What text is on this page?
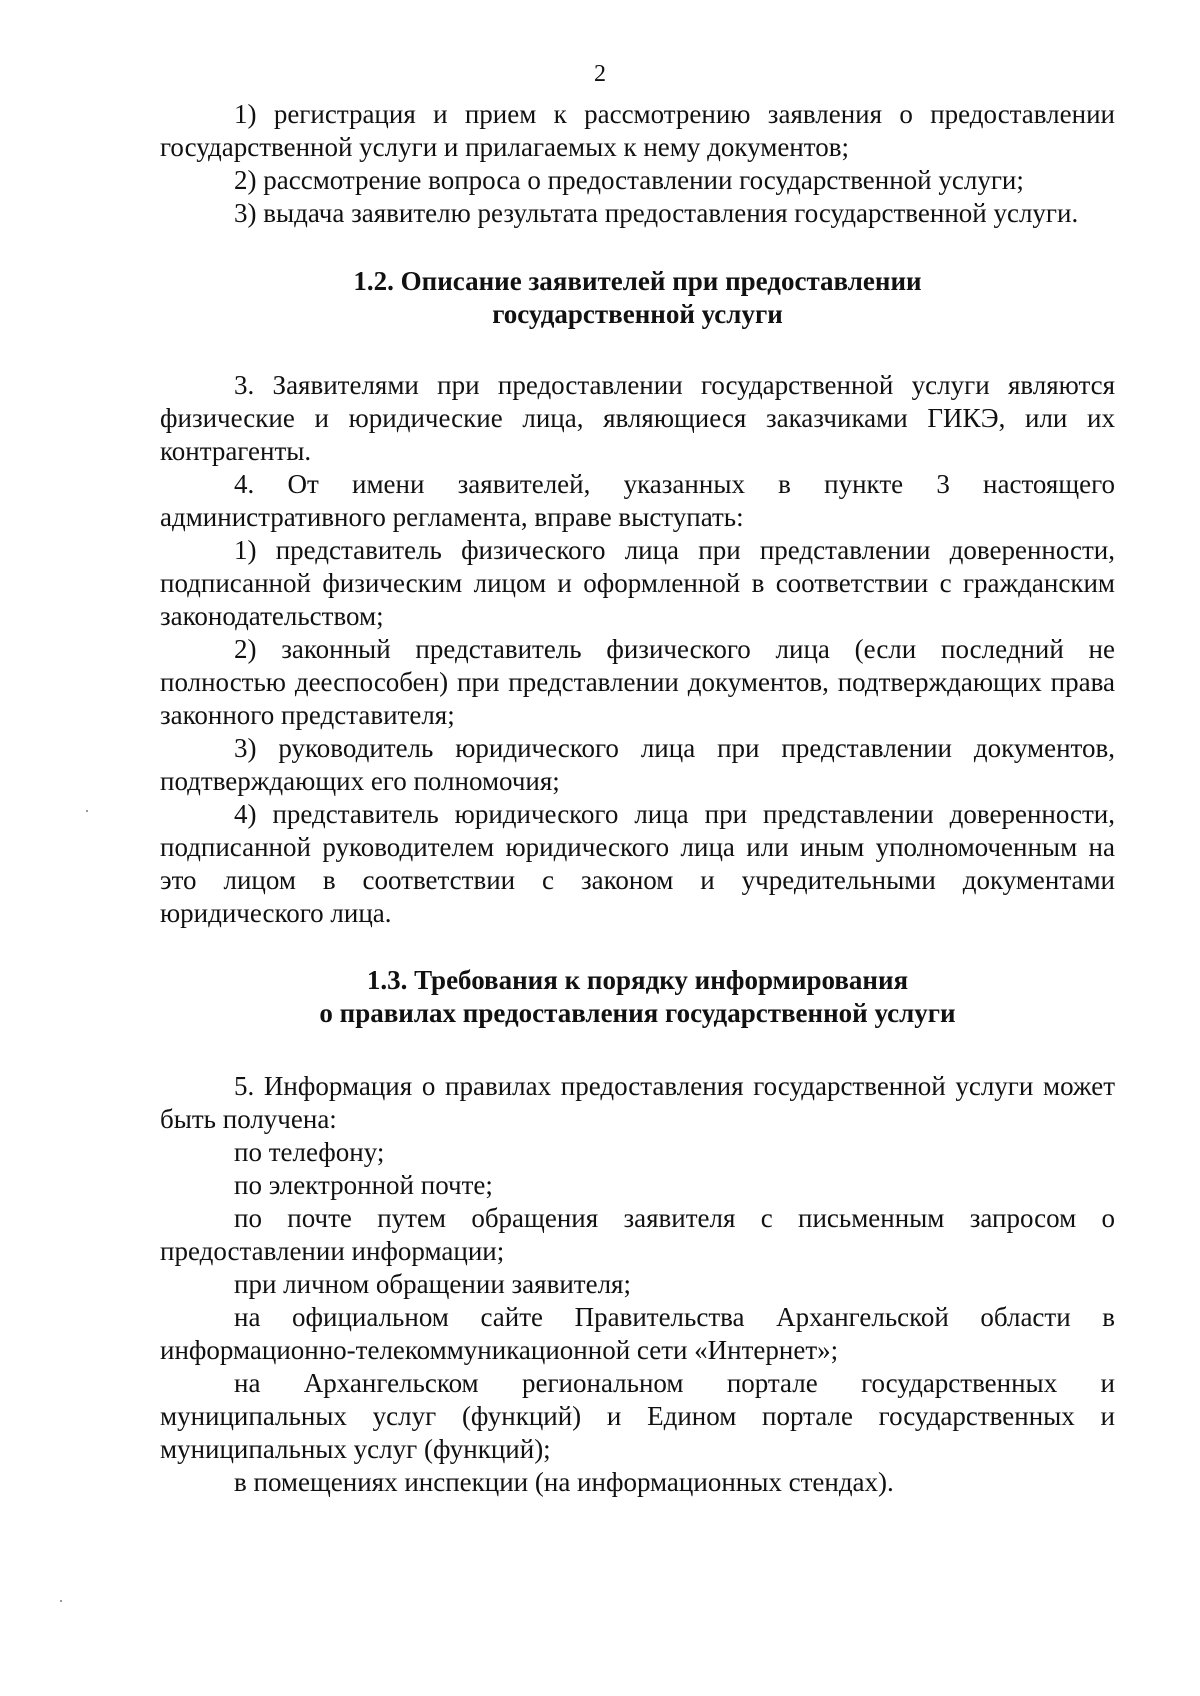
2

1) регистрация и прием к рассмотрению заявления о предоставлении государственной услуги и прилагаемых к нему документов;

2) рассмотрение вопроса о предоставлении государственной услуги;

3) выдача заявителю результата предоставления государственной услуги.

1.2. Описание заявителей при предоставлении
государственной услуги

3. Заявителями при предоставлении государственной услуги являются физические и юридические лица, являющиеся заказчиками ГИКЭ, или их контрагенты.

4. От имени заявителей, указанных в пункте 3 настоящего административного регламента, вправе выступать:

1) представитель физического лица при представлении доверенности, подписанной физическим лицом и оформленной в соответствии с гражданским законодательством;

2) законный представитель физического лица (если последний не полностью дееспособен) при представлении документов, подтверждающих права законного представителя;

3) руководитель юридического лица при представлении документов, подтверждающих его полномочия;

4) представитель юридического лица при представлении доверенности, подписанной руководителем юридического лица или иным уполномоченным на это лицом в соответствии с законом и учредительными документами юридического лица.

1.3. Требования к порядку информирования
о правилах предоставления государственной услуги

5. Информация о правилах предоставления государственной услуги может быть получена:

по телефону;

по электронной почте;

по почте путем обращения заявителя с письменным запросом о предоставлении информации;

при личном обращении заявителя;

на официальном сайте Правительства Архангельской области в информационно-телекоммуникационной сети «Интернет»;

на Архангельском региональном портале государственных и муниципальных услуг (функций) и Едином портале государственных и муниципальных услуг (функций);

в помещениях инспекции (на информационных стендах).
